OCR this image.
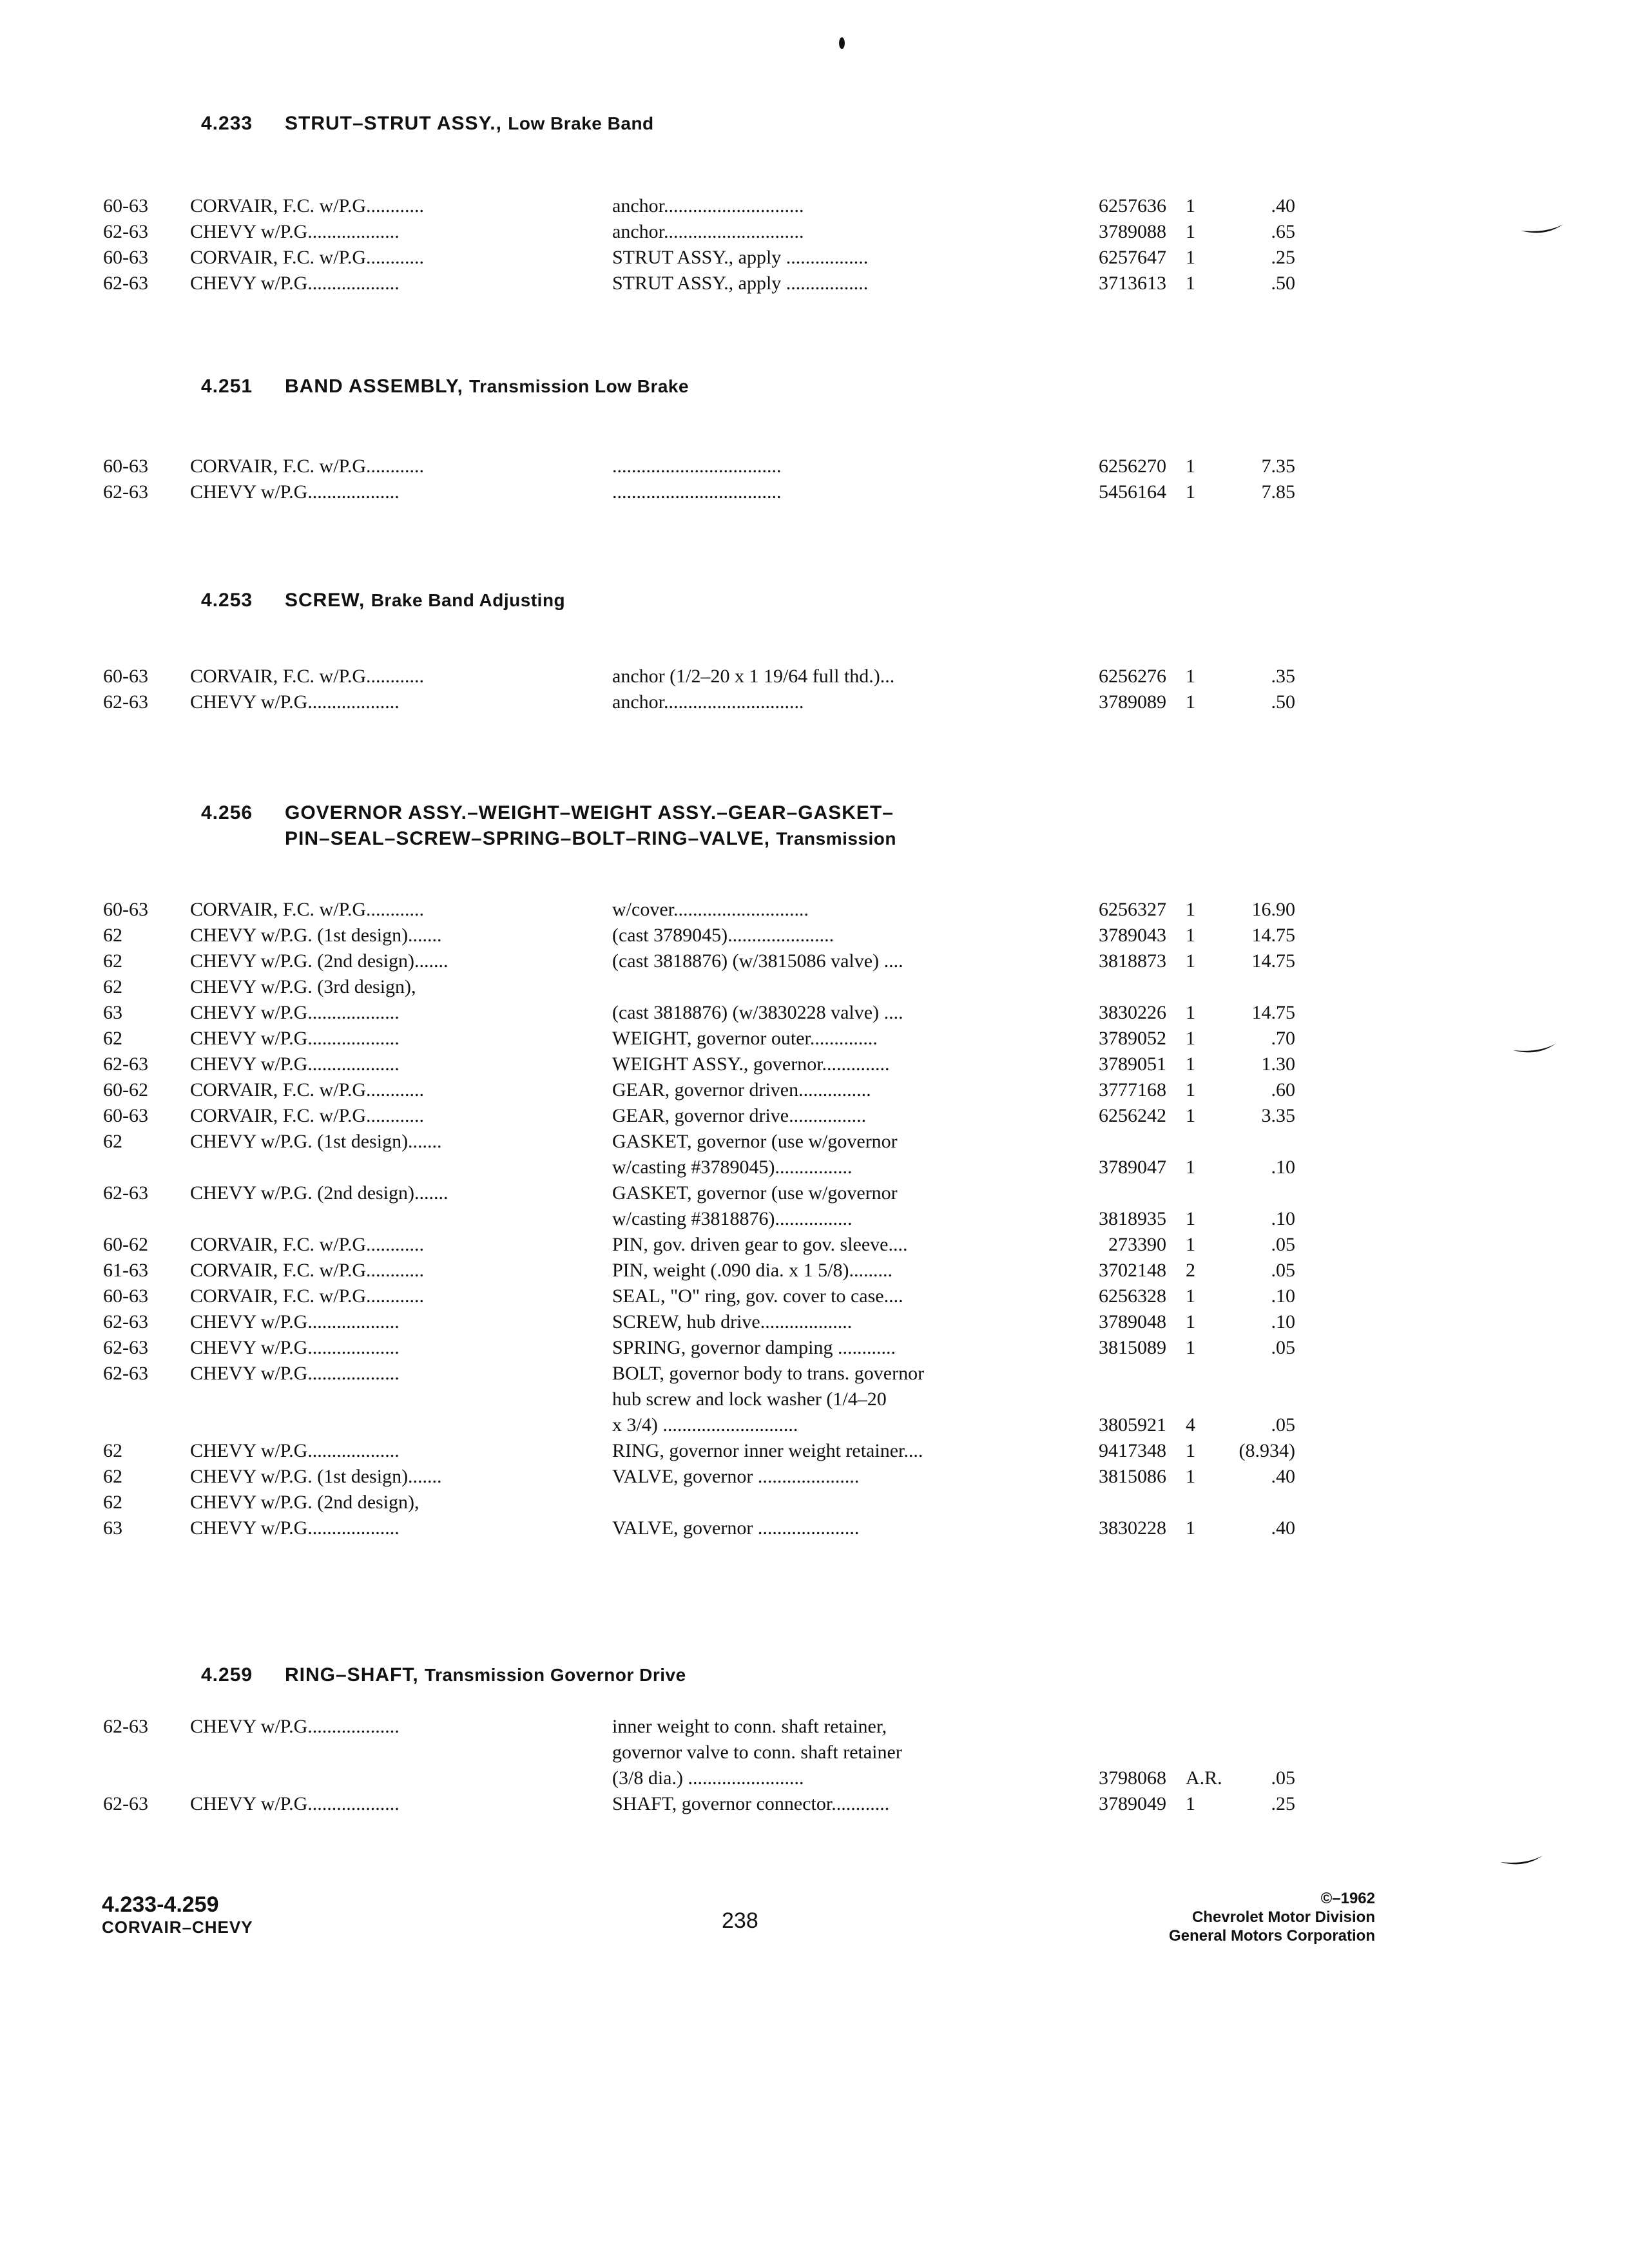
4.233 STRUT–STRUT ASSY., Low Brake Band
4.251 BAND ASSEMBLY, Transmission Low Brake
4.253 SCREW, Brake Band Adjusting
4.256 GOVERNOR ASSY.–WEIGHT–WEIGHT ASSY.–GEAR–GASKET–
PIN–SEAL–SCREW–SPRING–BOLT–RING–VALVE, Transmission
4.259 RING–SHAFT, Transmission Governor Drive
60-63 CORVAIR, F.C. w/P.G............	anchor.............................	6257636 1	.40
62-63 CHEVY w/P.G...................	anchor.............................	3789088 1	.65
60-63 CORVAIR, F.C. w/P.G............	STRUT ASSY., apply .................	6257647 1	.25
62-63 CHEVY w/P.G...................	STRUT ASSY., apply .................	3713613 1	.50
60-63 CORVAIR, F.C. w/P.G............	...................................	6256270 1	7.35
62-63 CHEVY w/P.G...................	...................................	5456164 1	7.85
60-63 CORVAIR, F.C. w/P.G............	anchor (1/2–20 x 1 19/64 full thd.)...	6256276 1	.35
62-63 CHEVY w/P.G...................	anchor.............................	3789089 1	.50
60-63 CORVAIR, F.C. w/P.G............	w/cover............................	6256327 1	16.90
62	CHEVY w/P.G. (1st design).......	(cast 3789045)......................	3789043 1	14.75
62	CHEVY w/P.G. (2nd design).......	(cast 3818876) (w/3815086 valve) ....	3818873 1	14.75
62	CHEVY w/P.G. (3rd design),
63	CHEVY w/P.G...................	(cast 3818876) (w/3830228 valve) ....	3830226 1	14.75
62	CHEVY w/P.G...................	WEIGHT, governor outer..............	3789052 1	.70
62-63 CHEVY w/P.G...................	WEIGHT ASSY., governor..............	3789051 1	1.30
60-62 CORVAIR, F.C. w/P.G............	GEAR, governor driven...............	3777168 1	.60
60-63 CORVAIR, F.C. w/P.G............	GEAR, governor drive................	6256242 1	3.35
62	CHEVY w/P.G. (1st design).......	GASKET, governor (use w/governor
w/casting #3789045)................	3789047 1	.10
62-63 CHEVY w/P.G. (2nd design).......	GASKET, governor (use w/governor
w/casting #3818876)................	3818935 1	.10
60-62 CORVAIR, F.C. w/P.G............	PIN, gov. driven gear to gov. sleeve....	273390 1	.05
61-63 CORVAIR, F.C. w/P.G............	PIN, weight (.090 dia. x 1 5/8).........	3702148 2	.05
60-63 CORVAIR, F.C. w/P.G............	SEAL, "O" ring, gov. cover to case....	6256328 1	.10
62-63 CHEVY w/P.G...................	SCREW, hub drive...................	3789048 1	.10
62-63 CHEVY w/P.G...................	SPRING, governor damping ............	3815089 1	.05
62-63 CHEVY w/P.G...................	BOLT, governor body to trans. governor
hub screw and lock washer (1/4–20
x 3/4) ............................	3805921 4	.05
62	CHEVY w/P.G...................	RING, governor inner weight retainer....	9417348 1	(8.934)
62	CHEVY w/P.G. (1st design).......	VALVE, governor .....................	3815086 1	.40
62	CHEVY w/P.G. (2nd design),
63	CHEVY w/P.G...................	VALVE, governor .....................	3830228 1	.40
62-63 CHEVY w/P.G...................	inner weight to conn. shaft retainer,
governor valve to conn. shaft retainer
(3/8 dia.) ........................	3798068 A.R.	.05
62-63 CHEVY w/P.G...................	SHAFT, governor connector............	3789049 1	.25
4.233-4.259
CORVAIR–CHEVY	238
©–1962
Chevrolet Motor Division
General Motors Corporation
